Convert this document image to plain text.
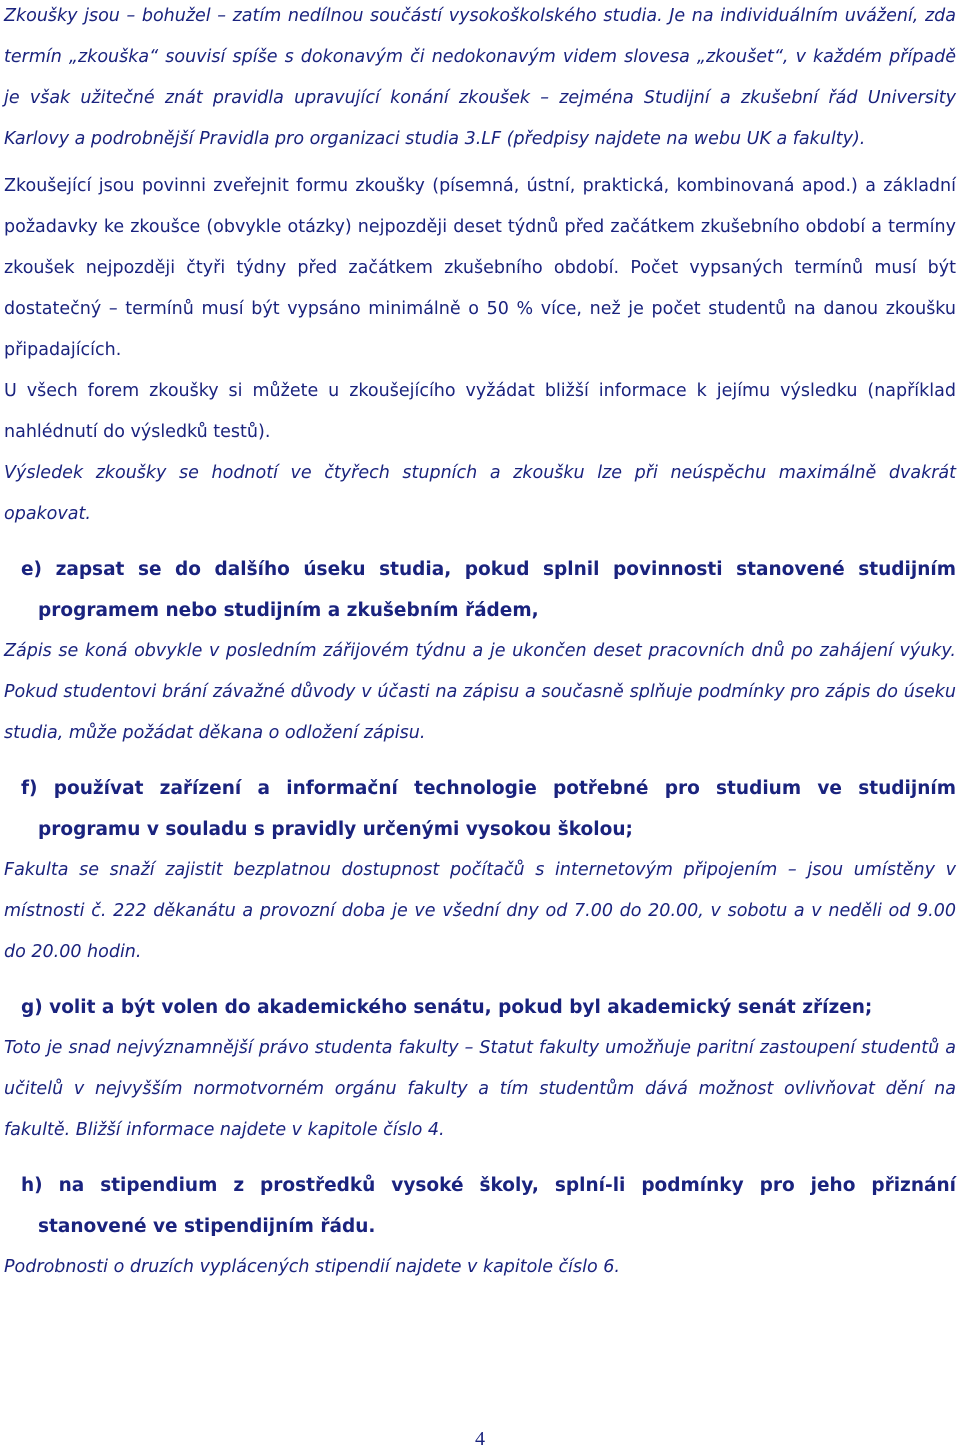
Zkoušky jsou – bohužel – zatím nedílnou součástí vysokoškolského studia. Je na individuálním uvážení, zda termín „zkouška“ souvisí spíše s dokonavým či nedokonavým videm slovesa „zkoušet“, v každém případě je však užitečné znát pravidla upravující konání zkoušek – zejména Studijní a zkušební řád University Karlovy a podrobnější Pravidla pro organizaci studia 3.LF (předpisy najdete na webu UK a fakulty).

Zkoušející jsou povinni zveřejnit formu zkoušky (písemná, ústní, praktická, kombinovaná apod.) a základní požadavky ke zkoušce (obvykle otázky) nejpozději deset týdnů před začátkem zkušebního období a termíny zkoušek nejpozději čtyři týdny před začátkem zkušebního období. Počet vypsaných termínů musí být dostatečný – termínů musí být vypsáno minimálně o 50 % více, než je počet studentů na danou zkoušku připadajících.

U všech forem zkoušky si můžete u zkoušejícího vyžádat bližší informace k jejímu výsledku (například nahlédnutí do výsledků testů).

Výsledek zkoušky se hodnotí ve čtyřech stupních a zkoušku lze při neúspěchu maximálně dvakrát opakovat.

e) zapsat se do dalšího úseku studia, pokud splnil povinnosti stanovené studijním programem nebo studijním a zkušebním řádem,

Zápis se koná obvykle v posledním zářijovém týdnu a je ukončen deset pracovních dnů po zahájení výuky. Pokud studentovi brání závažné důvody v účasti na zápisu a současně splňuje podmínky pro zápis do úseku studia, může požádat děkana o odložení zápisu.

f) používat zařízení a informační technologie potřebné pro studium ve studijním programu v souladu s pravidly určenými vysokou školou;

Fakulta se snaží zajistit bezplatnou dostupnost počítačů s internetovým připojením – jsou umístěny v místnosti č. 222 děkanátu a provozní doba je ve všední dny od 7.00 do 20.00, v sobotu a v neděli od 9.00 do 20.00 hodin.

g) volit a být volen do akademického senátu, pokud byl akademický senát zřízen;

Toto je snad nejvýznamnější právo studenta fakulty – Statut fakulty umožňuje paritní zastoupení studentů a učitelů v nejvyšším normotvorném orgánu fakulty a tím studentům dává možnost ovlivňovat dění na fakultě. Bližší informace najdete v kapitole číslo 4.

h) na stipendium z prostředků vysoké školy, splní-li podmínky pro jeho přiznání stanovené ve stipendijním řádu.

Podrobnosti o druzích vyplácených stipendií najdete v kapitole číslo 6.

4
